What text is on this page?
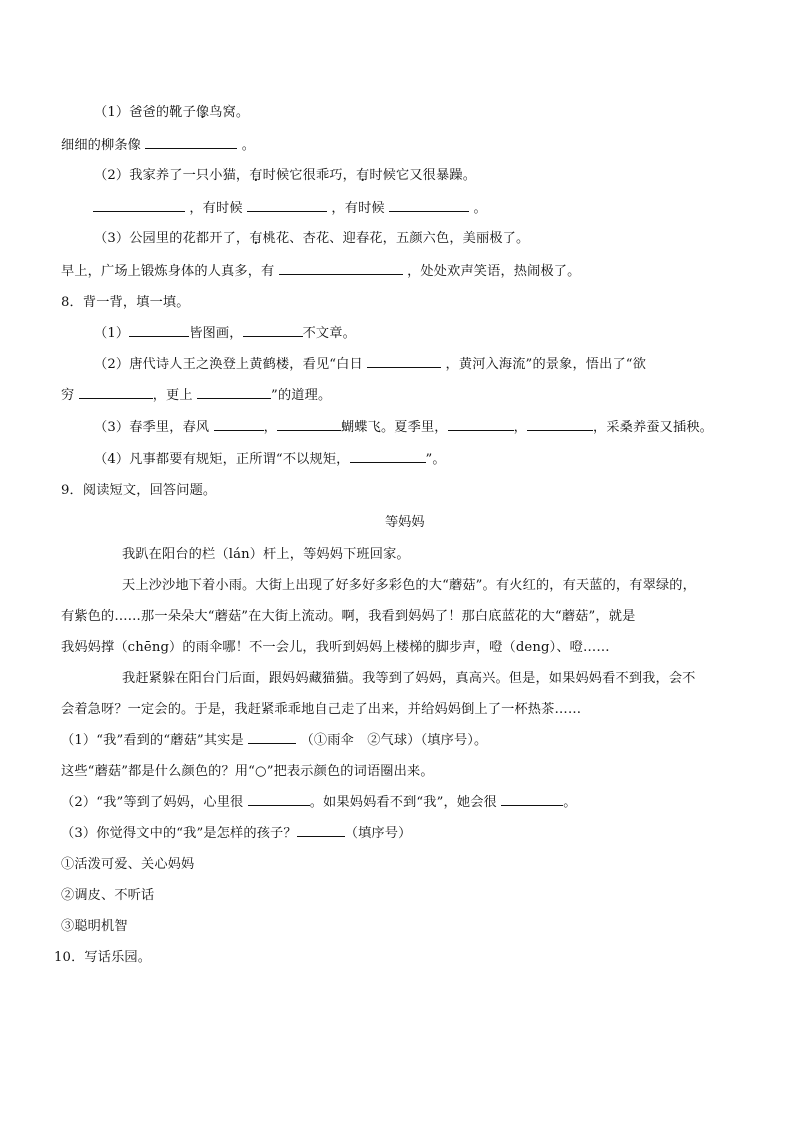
（1）爸爸的靴子像鸟窝。
细细的柳条像	。
（2）我家养了一只小猫，有时候它很乖巧，有时候它又很暴躁。
，有时候	，有时候	。
（3）公园里的花都开了，有桃花、杏花、迎春花，五颜六色，美丽极了。
早上，广场上锻炼身体的人真多，有	，处处欢声笑语，热闹极了。
8．背一背，填一填。
（1）	皆图画，	不文章。
（2）唐代诗人王之涣登上黄鹤楼，看见“白日	，黄河入海流”的景象，悟出了“欲
穷	，更上	”的道理。
（3）春季里，春风	，	蝴蝶飞。夏季里，	，	，采桑养蚕又插秧。
（4）凡事都要有规矩，正所谓“不以规矩，	”。
9．阅读短文，回答问题。
等妈妈
我趴在阳台的栏（lán）杆上，等妈妈下班回家。
天上沙沙地下着小雨。大街上出现了好多好多彩色的大“蘑菇”。有火红的，有天蓝的，有翠绿的，
有紫色的……那一朵朵大“蘑菇”在大街上流动。啊，我看到妈妈了！那白底蓝花的大“蘑菇”，就是
我妈妈撑（chēng）的雨伞哪！不一会儿，我听到妈妈上楼梯的脚步声，噔（deng）、噔……
我赶紧躲在阳台门后面，跟妈妈藏猫猫。我等到了妈妈，真高兴。但是，如果妈妈看不到我，会不
会着急呀？一定会的。于是，我赶紧乖乖地自己走了出来，并给妈妈倒上了一杯热茶……
（1）“我”看到的“蘑菇”其实是	（①雨伞　②气球）（填序号）。
这些“蘑菇”都是什么颜色的？用“○”把表示颜色的词语圈出来。
（2）“我”等到了妈妈，心里很	。如果妈妈看不到“我”，她会很	。
（3）你觉得文中的“我”是怎样的孩子？	（填序号）
①活泼可爱、关心妈妈
②调皮、不听话
③聪明机智
10．写话乐园。
